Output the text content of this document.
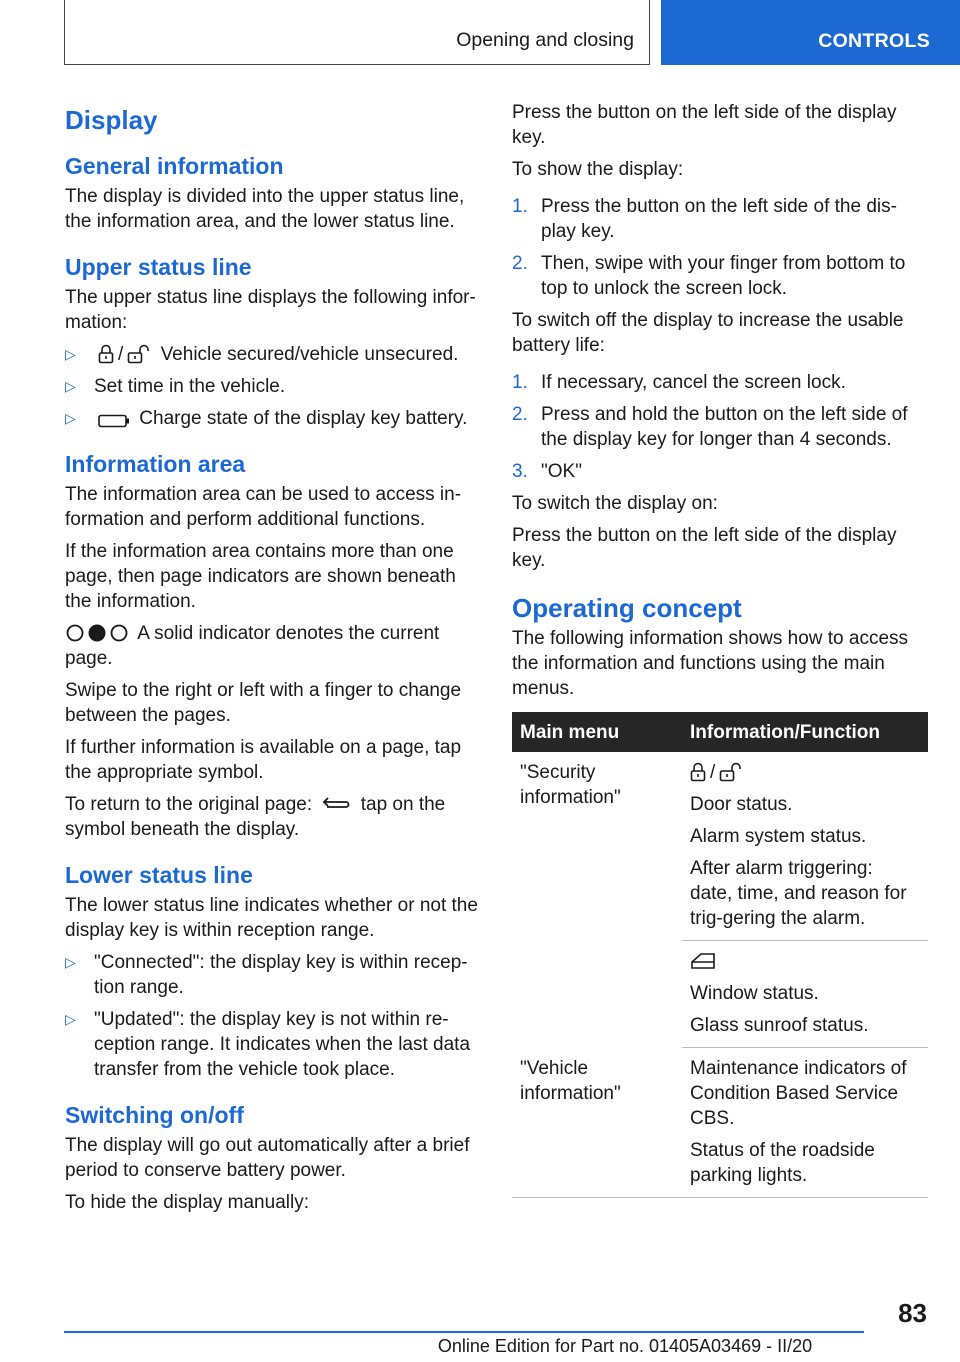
Opening and closing	CONTROLS
Display
General information

The display is divided into the upper status line, the information area, and the lower status line.

Upper status line

The upper status line displays the following infor‐mation:

▷ / Vehicle secured/vehicle unsecured.
▷ Set time in the vehicle.
▷	Charge state of the display key battery.
Information area

The information area can be used to access in‐formation and perform additional functions.

If the information area contains more than one page, then page indicators are shown beneath the information.

A solid indicator denotes the current page.

Swipe to the right or left with a finger to change between the pages.

If further information is available on a page, tap the appropriate symbol.

To return to the original page:	tap on the symbol beneath the display.

Lower status line

The lower status line indicates whether or not the display key is within reception range.

▷ "Connected": the display key is within recep‐tion range.
▷ "Updated": the display key is not within re‐ception range. It indicates when the last data transfer from the vehicle took place.
Switching on/off

The display will go out automatically after a brief period to conserve battery power.

To hide the display manually:

Press the button on the left side of the display key.

To show the display:

1. Press the button on the left side of the dis‐play key.
2. Then, swipe with your finger from bottom to top to unlock the screen lock.

To switch off the display to increase the usable battery life:

1. If necessary, cancel the screen lock.
2. Press and hold the button on the left side of the display key for longer than 4 seconds.
3. "OK"

To switch the display on:

Press the button on the left side of the display key.

Operating concept

The following information shows how to access the information and functions using the main menus.

Main menu	Information/Function
"Security information"	/

Door status.

Alarm system status.

After alarm triggering: date, time, and reason for trig‐gering the alarm.

	Window status.

Glass sunroof status.

"Vehicle information"	Maintenance indicators of Condition Based Service CBS.

Status of the roadside parking lights.

83
Online Edition for Part no. 01405A03469 - II/20
